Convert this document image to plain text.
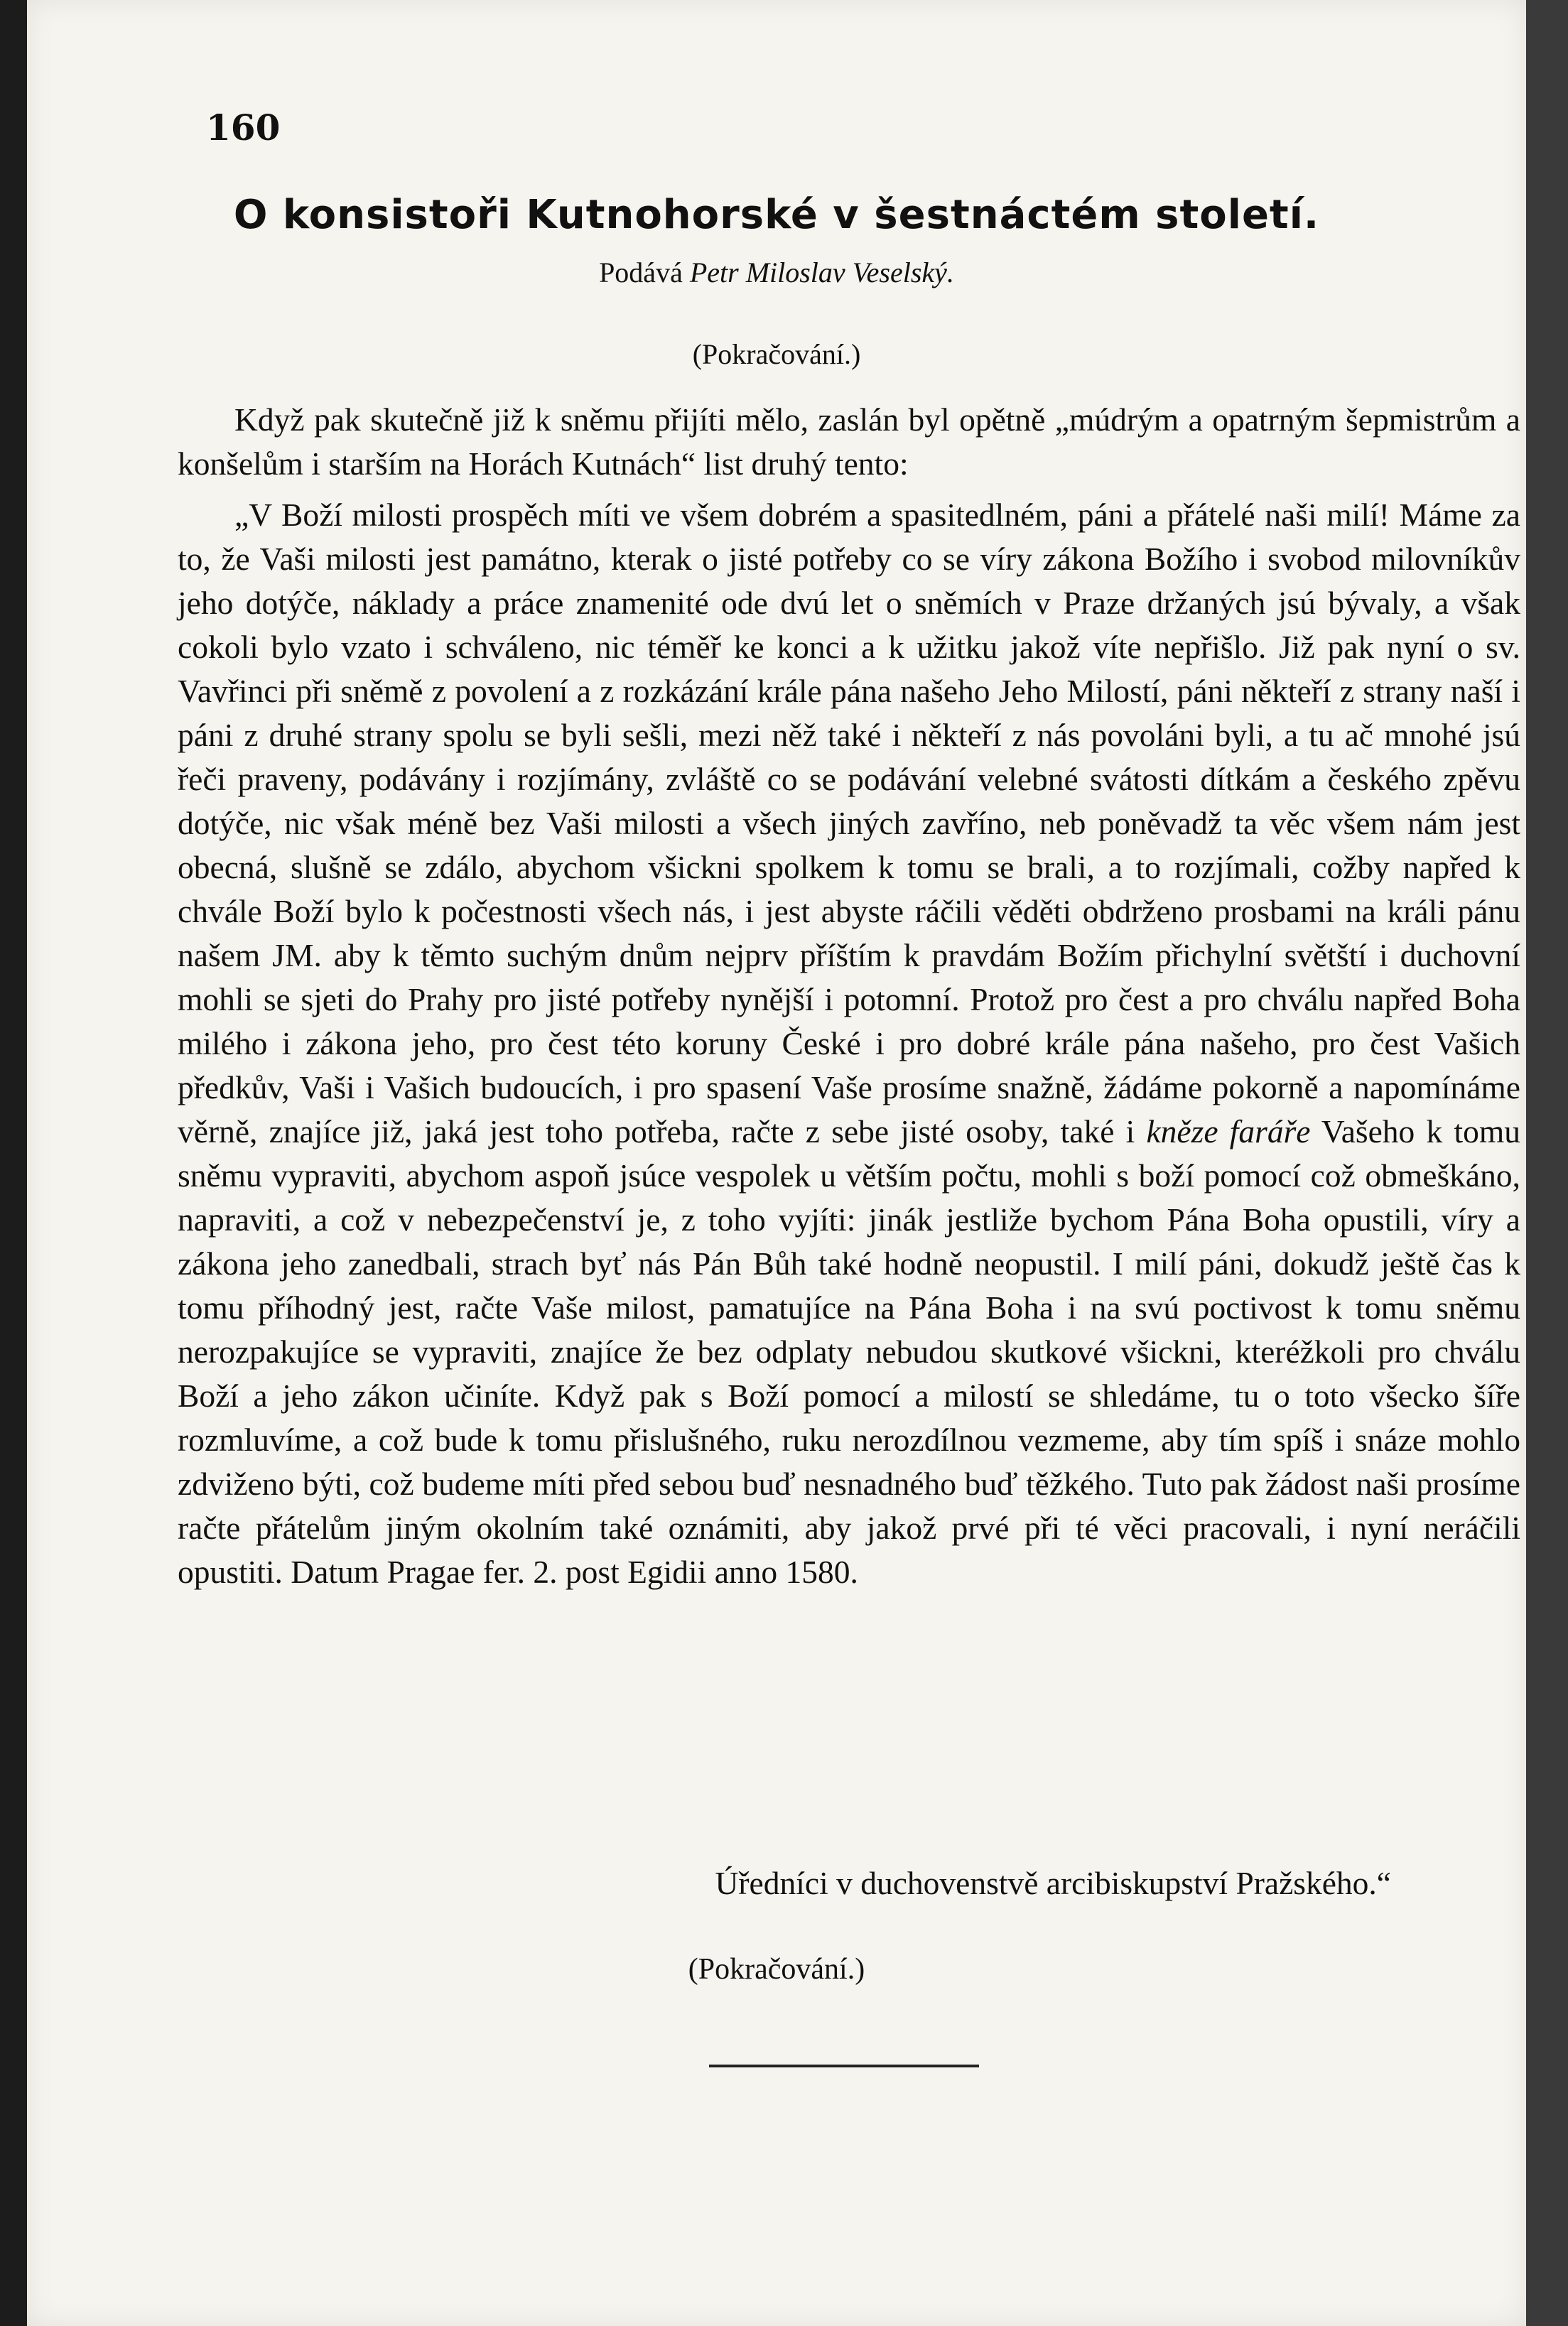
160
O konsistoři Kutnohorské v šestnáctém století.
Podává Petr Miloslav Veselský.
(Pokračování.)

Když pak skutečně již k sněmu přijíti mělo, zaslán byl opětně „múdrým a opatrným šepmistrům a konšelům i starším na Horách Kutnách“ list druhý tento:

„V Boží milosti prospěch míti ve všem dobrém a spasitedlném, páni a přátelé naši milí! Máme za to, že Vaši milosti jest památno, kterak o jisté potřeby co se víry zákona Božího i svobod milovníkův jeho dotýče, náklady a práce znamenité ode dvú let o sněmích v Praze držaných jsú bývaly, a však cokoli bylo vzato i schváleno, nic téměř ke konci a k užitku jakož víte nepřišlo. Již pak nyní o sv. Vavřinci při sněmě z povolení a z rozkázání krále pána našeho Jeho Milostí, páni někteří z strany naší i páni z druhé strany spolu se byli sešli, mezi něž také i někteří z nás povoláni byli, a tu ač mnohé jsú řeči praveny, podávány i rozjímány, zvláště co se podávání velebné svátosti dítkám a českého zpěvu dotýče, nic však méně bez Vaši milosti a všech jiných zavříno, neb poněvadž ta věc všem nám jest obecná, slušně se zdálo, abychom všickni spolkem k tomu se brali, a to rozjímali, cožby napřed k chvále Boží bylo k počestnosti všech nás, i jest abyste ráčili věděti obdrženo prosbami na králi pánu našem JM. aby k těmto suchým dnům nejprv příštím k pravdám Božím přichylní světští i duchovní mohli se sjeti do Prahy pro jisté potřeby nynější i potomní. Protož pro čest a pro chválu napřed Boha milého i zákona jeho, pro čest této koruny České i pro dobré krále pána našeho, pro čest Vašich předkův, Vaši i Vašich budoucích, i pro spasení Vaše prosíme snažně, žádáme pokorně a napomínáme věrně, znajíce již, jaká jest toho potřeba, račte z sebe jisté osoby, také i kněze faráře Vašeho k tomu sněmu vypraviti, abychom aspoň jsúce vespolek u větším počtu, mohli s boží pomocí což obmeškáno, napraviti, a což v nebezpečenství je, z toho vyjíti: jinák jestliže bychom Pána Boha opustili, víry a zákona jeho zanedbali, strach byť nás Pán Bůh také hodně neopustil. I milí páni, dokudž ještě čas k tomu příhodný jest, račte Vaše milost, pamatujíce na Pána Boha i na svú poctivost k tomu sněmu nerozpakujíce se vypraviti, znajíce že bez odplaty nebudou skutkové všickni, kteréžkoli pro chválu Boží a jeho zákon učiníte. Když pak s Boží pomocí a milostí se shledáme, tu o toto všecko šíře rozmluvíme, a což bude k tomu přislušného, ruku nerozdílnou vezmeme, aby tím spíš i snáze mohlo zdviženo býti, což budeme míti před sebou buď nesnadného buď těžkého. Tuto pak žádost naši prosíme račte přátelům jiným okolním také oznámiti, aby jakož prvé při té věci pracovali, i nyní neráčili opustiti. Datum Pragae fer. 2. post Egidii anno 1580.

Úředníci v duchovenstvě arcibiskupství Pražského.“
(Pokračování.)
